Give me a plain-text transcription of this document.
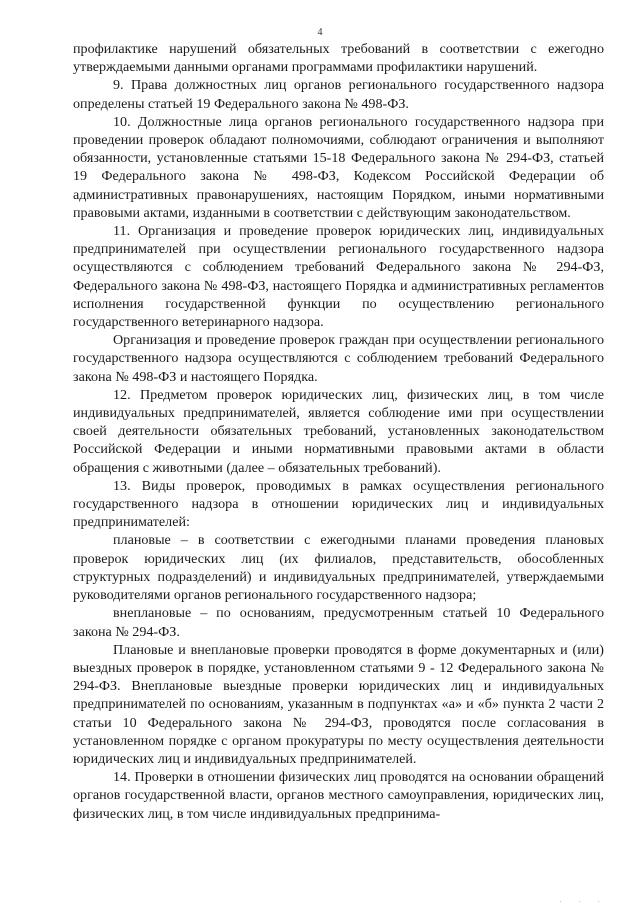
4

профилактике нарушений обязательных требований в соответствии с ежегодно утверждаемыми данными органами программами профилактики нарушений.

9. Права должностных лиц органов регионального государственного надзора определены статьей 19 Федерального закона № 498-ФЗ.

10. Должностные лица органов регионального государственного надзора при проведении проверок обладают полномочиями, соблюдают ограничения и выполняют обязанности, установленные статьями 15-18 Федерального закона № 294-ФЗ, статьей 19 Федерального закона № 498-ФЗ, Кодексом Российской Федерации об административных правонарушениях, настоящим Порядком, иными нормативными правовыми актами, изданными в соответствии с действующим законодательством.

11. Организация и проведение проверок юридических лиц, индивидуальных предпринимателей при осуществлении регионального государственного надзора осуществляются с соблюдением требований Федерального закона № 294-ФЗ, Федерального закона № 498-ФЗ, настоящего Порядка и административных регламентов исполнения государственной функции по осуществлению регионального государственного ветеринарного надзора.

Организация и проведение проверок граждан при осуществлении регионального государственного надзора осуществляются с соблюдением требований Федерального закона № 498-ФЗ и настоящего Порядка.

12. Предметом проверок юридических лиц, физических лиц, в том числе индивидуальных предпринимателей, является соблюдение ими при осуществлении своей деятельности обязательных требований, установленных законодательством Российской Федерации и иными нормативными правовыми актами в области обращения с животными (далее – обязательных требований).

13. Виды проверок, проводимых в рамках осуществления регионального государственного надзора в отношении юридических лиц и индивидуальных предпринимателей:

плановые – в соответствии с ежегодными планами проведения плановых проверок юридических лиц (их филиалов, представительств, обособленных структурных подразделений) и индивидуальных предпринимателей, утверждаемыми руководителями органов регионального государственного надзора;

внеплановые – по основаниям, предусмотренным статьей 10 Федерального закона № 294-ФЗ.

Плановые и внеплановые проверки проводятся в форме документарных и (или) выездных проверок в порядке, установленном статьями 9 - 12 Федерального закона № 294-ФЗ. Внеплановые выездные проверки юридических лиц и индивидуальных предпринимателей по основаниям, указанным в подпунктах «а» и «б» пункта 2 части 2 статьи 10 Федерального закона № 294-ФЗ, проводятся после согласования в установленном порядке с органом прокуратуры по месту осуществления деятельности юридических лиц и индивидуальных предпринимателей.

14. Проверки в отношении физических лиц проводятся на основании обращений органов государственной власти, органов местного самоуправления, юридических лиц, физических лиц, в том числе индивидуальных предпринима-

. . .
